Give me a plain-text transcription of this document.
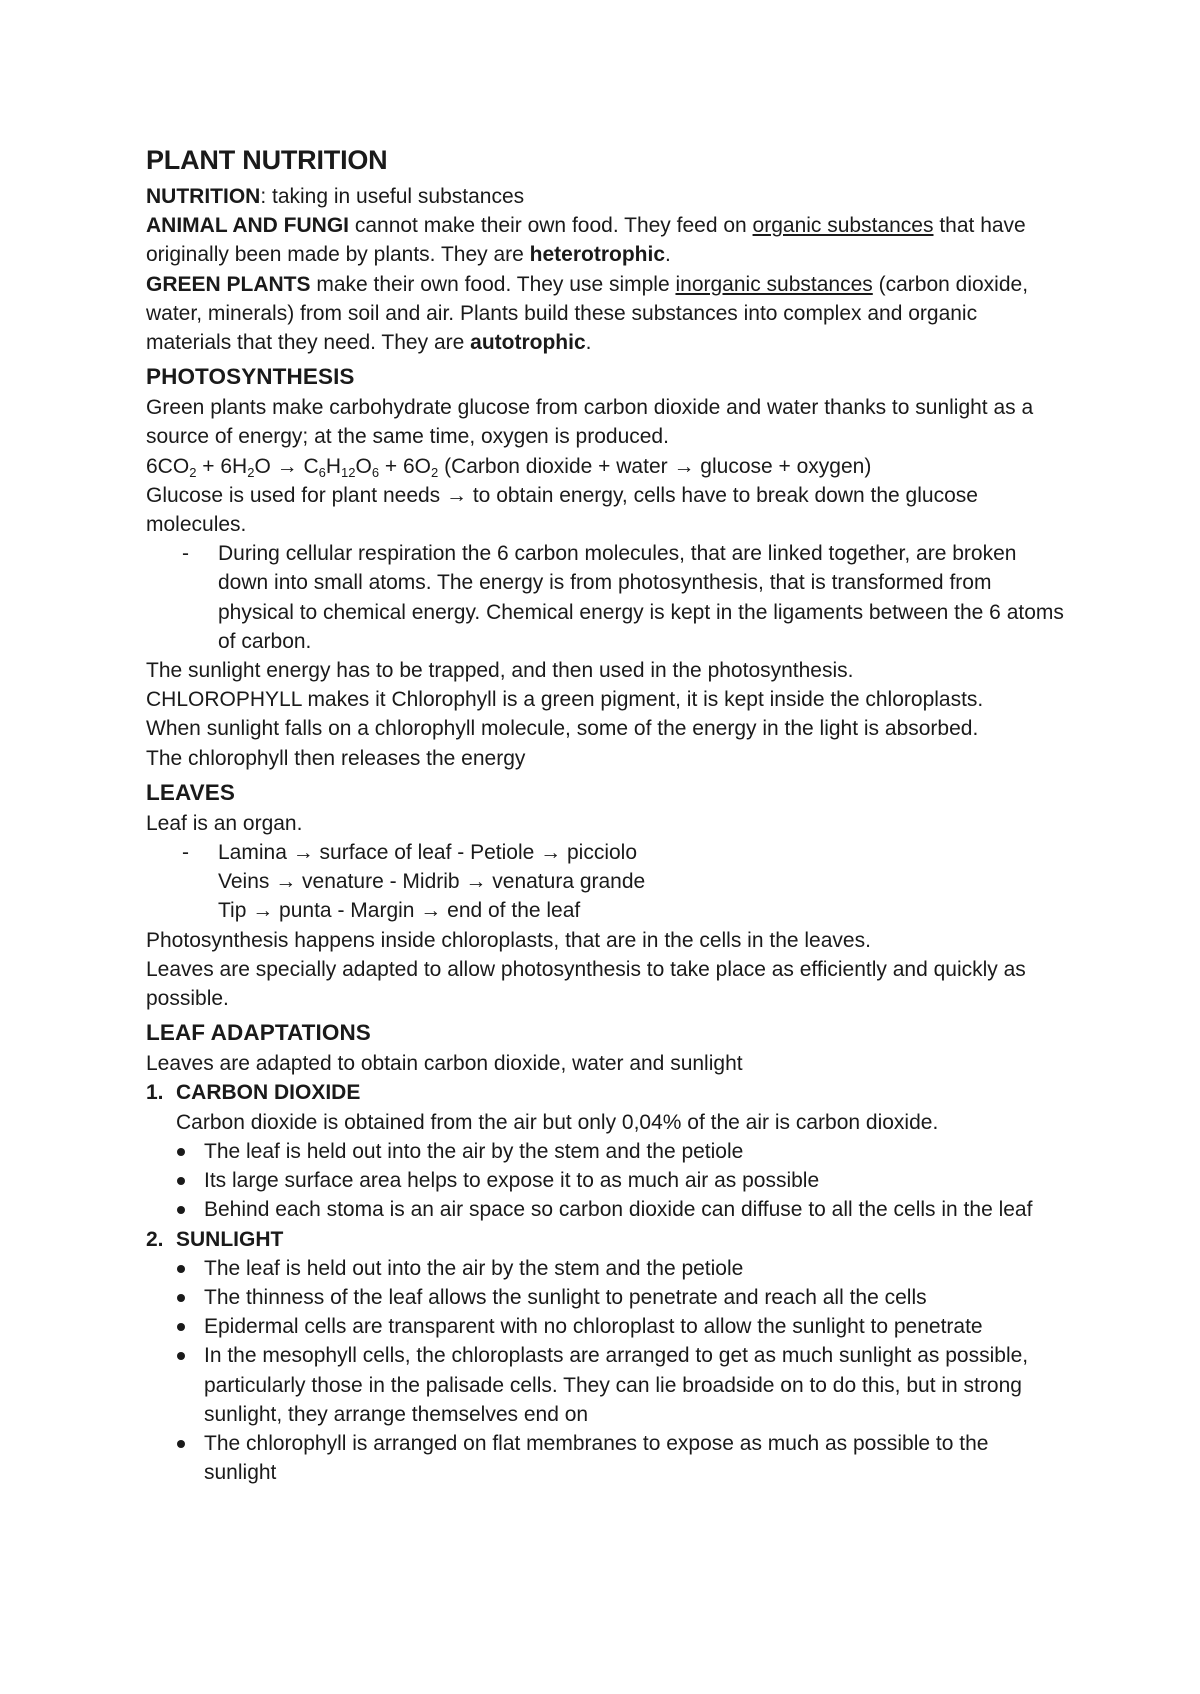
PLANT NUTRITION

NUTRITION: taking in useful substances

ANIMAL AND FUNGI cannot make their own food. They feed on organic substances that have originally been made by plants. They are heterotrophic.

GREEN PLANTS make their own food. They use simple inorganic substances (carbon dioxide, water, minerals) from soil and air. Plants build these substances into complex and organic materials that they need. They are autotrophic.

PHOTOSYNTHESIS

Green plants make carbohydrate glucose from carbon dioxide and water thanks to sunlight as a source of energy; at the same time, oxygen is produced.

$6CO_2 + 6H_2O \to C_6H_{12}O_6 + 6O_2$ (Carbon dioxide + water → glucose + oxygen)

Glucose is used for plant needs → to obtain energy, cells have to break down the glucose molecules.

- During cellular respiration the 6 carbon molecules, that are linked together, are broken down into small atoms. The energy is from photosynthesis, that is transformed from physical to chemical energy. Chemical energy is kept in the ligaments between the 6 atoms of carbon.

The sunlight energy has to be trapped, and then used in the photosynthesis.

CHLOROPHYLL makes it Chlorophyll is a green pigment, it is kept inside the chloroplasts.

When sunlight falls on a chlorophyll molecule, some of the energy in the light is absorbed.

The chlorophyll then releases the energy

LEAVES

Leaf is an organ.

- Lamina → surface of leaf - Petiole → picciolo

Veins → venature - Midrib → venatura grande

Tip → punta - Margin → end of the leaf

Photosynthesis happens inside chloroplasts, that are in the cells in the leaves.

Leaves are specially adapted to allow photosynthesis to take place as efficiently and quickly as possible.

LEAF ADAPTATIONS

Leaves are adapted to obtain carbon dioxide, water and sunlight

1. CARBON DIOXIDE

Carbon dioxide is obtained from the air but only 0,04% of the air is carbon dioxide.

The leaf is held out into the air by the stem and the petiole
Its large surface area helps to expose it to as much air as possible
Behind each stoma is an air space so carbon dioxide can diffuse to all the cells in the leaf
2. SUNLIGHT
The leaf is held out into the air by the stem and the petiole
The thinness of the leaf allows the sunlight to penetrate and reach all the cells
Epidermal cells are transparent with no chloroplast to allow the sunlight to penetrate
In the mesophyll cells, the chloroplasts are arranged to get as much sunlight as possible, particularly those in the palisade cells. They can lie broadside on to do this, but in strong sunlight, they arrange themselves end on
The chlorophyll is arranged on flat membranes to expose as much as possible to the sunlight
